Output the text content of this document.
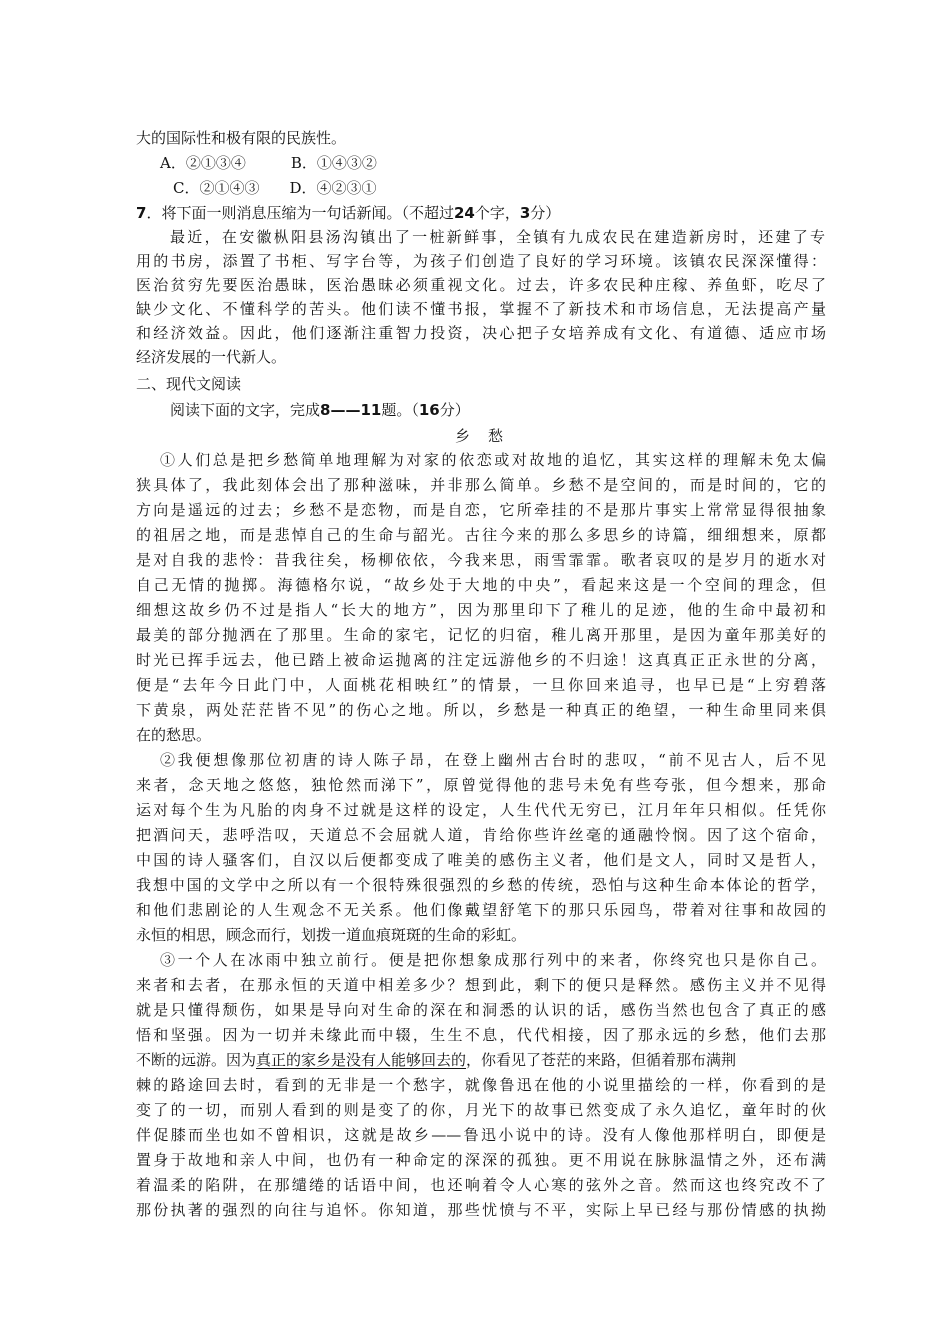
大的国际性和极有限的民族性。
A．②①③④　　　B．①④③②
C．②①④③　　D．④②③①
7．将下面一则消息压缩为一句话新闻。（不超过24个字，3分）
最近，在安徽枞阳县汤沟镇出了一桩新鲜事，全镇有九成农民在建造新房时，还建了专
用的书房，添置了书柜、写字台等，为孩子们创造了良好的学习环境。该镇农民深深懂得：
医治贫穷先要医治愚昧，医治愚昧必须重视文化。过去，许多农民种庄稼、养鱼虾，吃尽了
缺少文化、不懂科学的苦头。他们读不懂书报，掌握不了新技术和市场信息，无法提高产量
和经济效益。因此，他们逐渐注重智力投资，决心把子女培养成有文化、有道德、适应市场
经济发展的一代新人。
二、现代文阅读
阅读下面的文字，完成8——11题。（16分）
乡愁
①人们总是把乡愁简单地理解为对家的依恋或对故地的追忆，其实这样的理解未免太偏
狭具体了，我此刻体会出了那种滋味，并非那么简单。乡愁不是空间的，而是时间的，它的
方向是遥远的过去；乡愁不是恋物，而是自恋，它所牵挂的不是那片事实上常常显得很抽象
的祖居之地，而是悲悼自己的生命与韶光。古往今来的那么多思乡的诗篇，细细想来，原都
是对自我的悲怜：昔我往矣，杨柳依依，今我来思，雨雪霏霏。歌者哀叹的是岁月的逝水对
自己无情的抛掷。海德格尔说，“故乡处于大地的中央”，看起来这是一个空间的理念，但
细想这故乡仍不过是指人“长大的地方”，因为那里印下了稚儿的足迹，他的生命中最初和
最美的部分抛洒在了那里。生命的家宅，记忆的归宿，稚儿离开那里，是因为童年那美好的
时光已挥手远去，他已踏上被命运抛离的注定远游他乡的不归途！这真真正正永世的分离，
便是“去年今日此门中，人面桃花相映红”的情景，一旦你回来追寻，也早已是“上穷碧落
下黄泉，两处茫茫皆不见”的伤心之地。所以，乡愁是一种真正的绝望，一种生命里同来俱
在的愁思。
②我便想像那位初唐的诗人陈子昂，在登上幽州古台时的悲叹，“前不见古人，后不见
来者，念天地之悠悠，独怆然而涕下”，原曾觉得他的悲号未免有些夸张，但今想来，那命
运对每个生为凡胎的肉身不过就是这样的设定，人生代代无穷已，江月年年只相似。任凭你
把酒问天，悲呼浩叹，天道总不会屈就人道，肯给你些许丝毫的通融怜悯。因了这个宿命，
中国的诗人骚客们，自汉以后便都变成了唯美的感伤主义者，他们是文人，同时又是哲人，
我想中国的文学中之所以有一个很特殊很强烈的乡愁的传统，恐怕与这种生命本体论的哲学，
和他们悲剧论的人生观念不无关系。他们像戴望舒笔下的那只乐园鸟，带着对往事和故园的
永恒的相思，顾念而行，划拨一道血痕斑斑的生命的彩虹。
③一个人在冰雨中独立前行。便是把你想象成那行列中的来者，你终究也只是你自己。
来者和去者，在那永恒的天道中相差多少？想到此，剩下的便只是释然。感伤主义并不见得
就是只懂得颓伤，如果是导向对生命的深在和洞悉的认识的话，感伤当然也包含了真正的感
悟和坚强。因为一切并未缘此而中辍，生生不息，代代相接，因了那永远的乡愁，他们去那
不断的远游。因为真正的家乡是没有人能够回去的，你看见了苍茫的来路，但循着那布满荆
棘的路途回去时，看到的无非是一个愁字，就像鲁迅在他的小说里描绘的一样，你看到的是
变了的一切，而别人看到的则是变了的你，月光下的故事已然变成了永久追忆，童年时的伙
伴促膝而坐也如不曾相识，这就是故乡——鲁迅小说中的诗。没有人像他那样明白，即便是
置身于故地和亲人中间，也仍有一种命定的深深的孤独。更不用说在脉脉温情之外，还布满
着温柔的陷阱，在那缱绻的话语中间，也还响着令人心寒的弦外之音。然而这也终究改不了
那份执著的强烈的向往与追怀。你知道，那些忧愤与不平，实际上早已经与那份情感的执拗
